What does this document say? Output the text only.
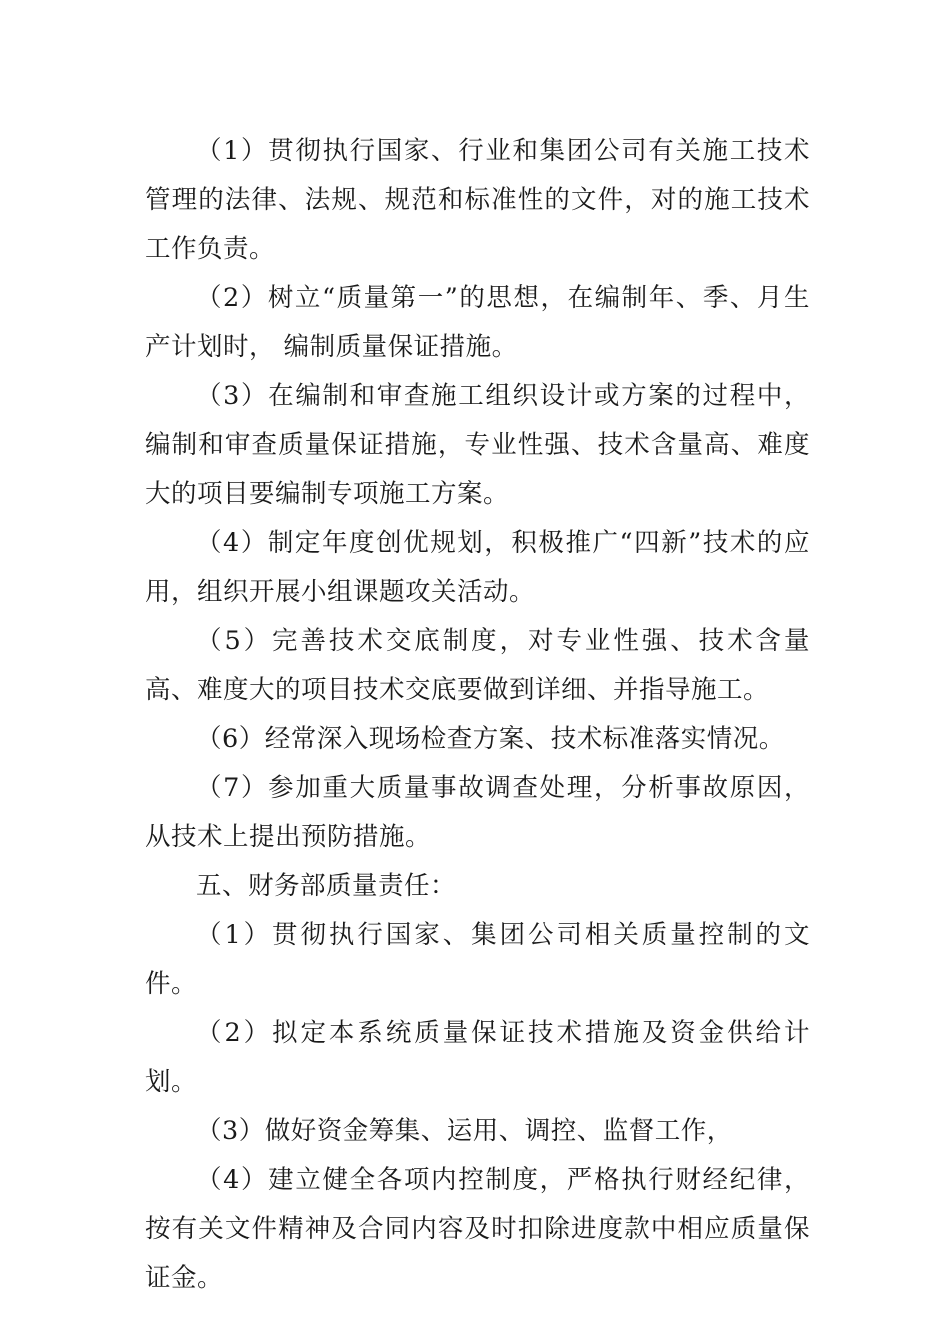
（1）贯彻执行国家、行业和集团公司有关施工技术管理的法律、法规、规范和标准性的文件，对的施工技术工作负责。

（2）树立“质量第一”的思想，在编制年、季、月生产计划时， 编制质量保证措施。

（3）在编制和审查施工组织设计或方案的过程中，编制和审查质量保证措施，专业性强、技术含量高、难度大的项目要编制专项施工方案。

（4）制定年度创优规划，积极推广“四新”技术的应用，组织开展小组课题攻关活动。

（5）完善技术交底制度，对专业性强、技术含量高、难度大的项目技术交底要做到详细、并指导施工。

（6）经常深入现场检查方案、技术标准落实情况。

（7）参加重大质量事故调查处理，分析事故原因，从技术上提出预防措施。

五、财务部质量责任：

（1）贯彻执行国家、集团公司相关质量控制的文件。

（2）拟定本系统质量保证技术措施及资金供给计划。

（3）做好资金筹集、运用、调控、监督工作，

（4）建立健全各项内控制度，严格执行财经纪律，按有关文件精神及合同内容及时扣除进度款中相应质量保证金。
